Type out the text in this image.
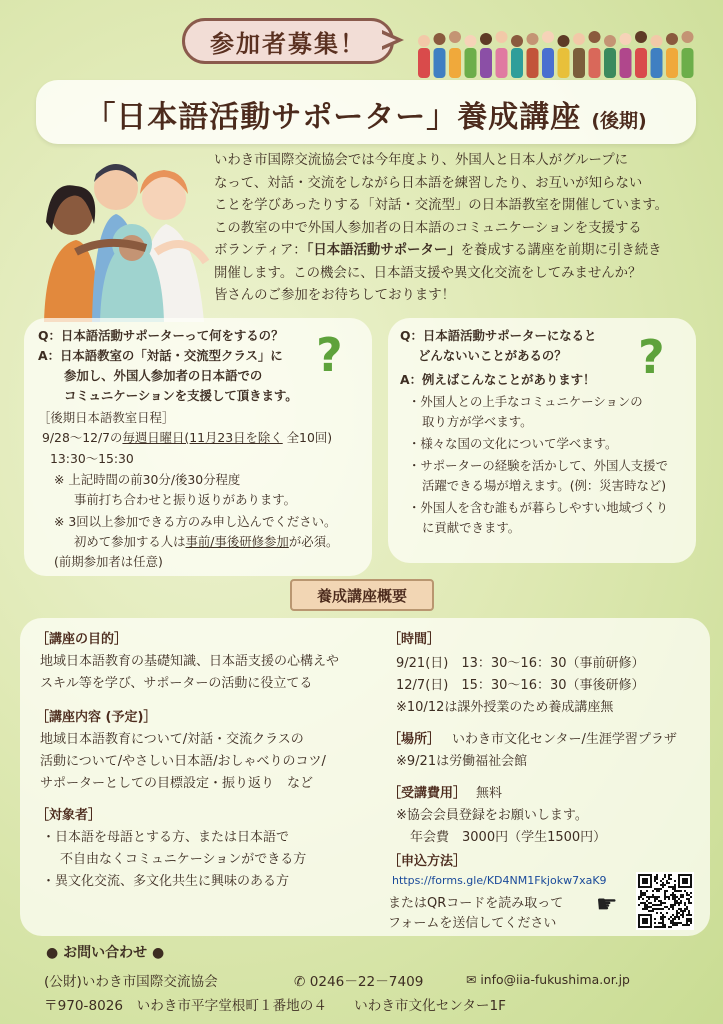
参加者募集！
「日本語活動サポーター」養成講座 (後期)
いわき市国際交流協会では今年度より、外国人と日本人がグループに
なって、対話・交流をしながら日本語を練習したり、お互いが知らない
ことを学びあったりする「対話・交流型」の日本語教室を開催しています。
この教室の中で外国人参加者の日本語のコミュニケーションを支援する
ボランティア：「日本語活動サポーター」を養成する講座を前期に引き続き
開催します。この機会に、日本語支援や異文化交流をしてみませんか？
皆さんのご参加をお待ちしております！
Q：日本語活動サポーターって何をするの？
A：日本語教室の「対話・交流型クラス」に
参加し、外国人参加者の日本語での
コミュニケーションを支援して頂きます。
?
［後期日本語教室日程］
9/28～12/7の毎週日曜日(11月23日を除く 全10回)
13:30～15:30
※ 上記時間の前30分/後30分程度
事前打ち合わせと振り返りがあります。
※ 3回以上参加できる方のみ申し込んでください。
初めて参加する人は事前/事後研修参加が必須。
(前期参加者は任意)
Q：日本語活動サポーターになると
どんないいことがあるの？ ?
A：例えばこんなことがあります！
・外国人との上手なコミュニケーションの
取り方が学べます。
・様々な国の文化について学べます。
・サポーターの経験を活かして、外国人支援で
活躍できる場が増えます。(例：災害時など)
・外国人を含む誰もが暮らしやすい地域づくり
に貢献できます。
養成講座概要
［講座の目的］
地域日本語教育の基礎知識、日本語支援の心構えや
スキル等を学び、サポーターの活動に役立てる
［講座内容 (予定)］
地域日本語教育について/対話・交流クラスの
活動について/やさしい日本語/おしゃべりのコツ/
サポーターとしての目標設定・振り返り　など
［対象者］
・日本語を母語とする方、または日本語で
不自由なくコミュニケーションができる方
・異文化交流、多文化共生に興味のある方
［時間］
9/21(日)　13：30～16：30（事前研修）
12/7(日)　15：30～16：30（事後研修）
※10/12は課外授業のため養成講座無
［場所］ いわき市文化センター/生涯学習プラザ
※9/21は労働福祉会館
［受講費用］ 無料
※協会会員登録をお願いします。
年会費　3000円（学生1500円）
［申込方法］
https://forms.gle/KD4NM1Fkjokw7xaK9
またはQRコードを読み取って
フォームを送信してください
☛
● お問い合わせ ●
(公財)いわき市国際交流協会	✆ 0246－22－7409	✉ info@iia-fukushima.or.jp
〒970-8026　いわき市平字堂根町１番地の４　　いわき市文化センター1F
